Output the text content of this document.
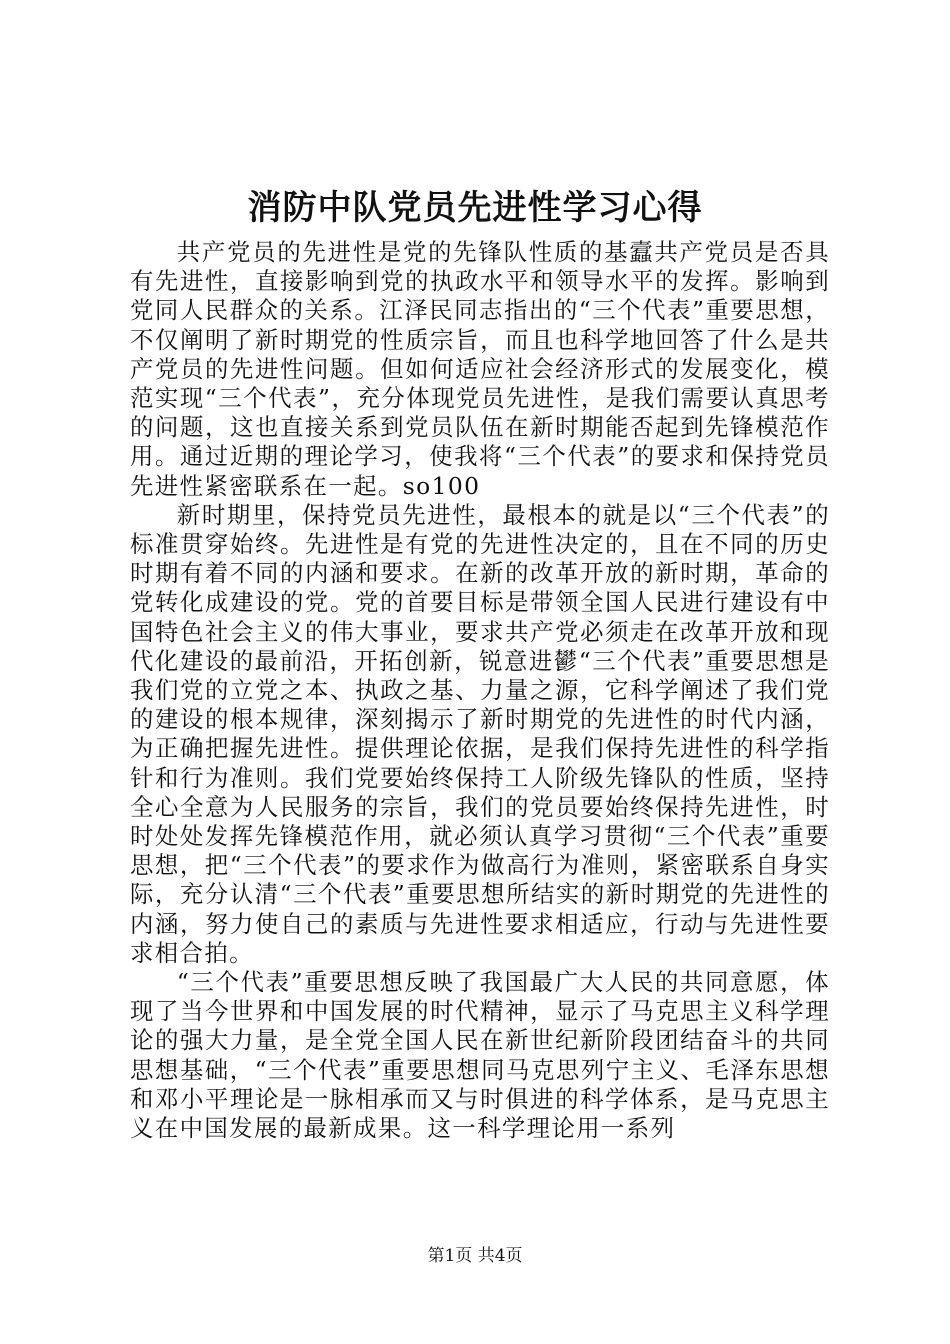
消防中队党员先进性学习心得

共产党员的先进性是党的先锋队性质的基蠧共产党员是否具有先进性，直接影响到党的执政水平和领导水平的发挥。影响到党同人民群众的关系。江泽民同志指出的“三个代表”重要思想，不仅阐明了新时期党的性质宗旨，而且也科学地回答了什么是共产党员的先进性问题。但如何适应社会经济形式的发展变化，模范实现“三个代表”，充分体现党员先进性，是我们需要认真思考的问题，这也直接关系到党员队伍在新时期能否起到先锋模范作用。通过近期的理论学习，使我将“三个代表”的要求和保持党员先进性紧密联系在一起。so100

新时期里，保持党员先进性，最根本的就是以“三个代表”的标准贯穿始终。先进性是有党的先进性决定的，且在不同的历史时期有着不同的内涵和要求。在新的改革开放的新时期，革命的党转化成建设的党。党的首要目标是带领全国人民进行建设有中国特色社会主义的伟大事业，要求共产党必须走在改革开放和现代化建设的最前沿，开拓创新，锐意进鬰“三个代表”重要思想是我们党的立党之本、执政之基、力量之源，它科学阐述了我们党的建设的根本规律，深刻揭示了新时期党的先进性的时代内涵，为正确把握先进性。提供理论依据，是我们保持先进性的科学指针和行为准则。我们党要始终保持工人阶级先锋队的性质，坚持全心全意为人民服务的宗旨，我们的党员要始终保持先进性，时时处处发挥先锋模范作用，就必须认真学习贯彻“三个代表”重要思想，把“三个代表”的要求作为做高行为准则，紧密联系自身实际，充分认清“三个代表”重要思想所结实的新时期党的先进性的内涵，努力使自己的素质与先进性要求相适应，行动与先进性要求相合拍。

“三个代表”重要思想反映了我国最广大人民的共同意愿，体现了当今世界和中国发展的时代精神，显示了马克思主义科学理论的强大力量，是全党全国人民在新世纪新阶段团结奋斗的共同思想基础，“三个代表”重要思想同马克思列宁主义、毛泽东思想和邓小平理论是一脉相承而又与时俱进的科学体系，是马克思主义在中国发展的最新成果。这一科学理论用一系列

第1页 共4页
